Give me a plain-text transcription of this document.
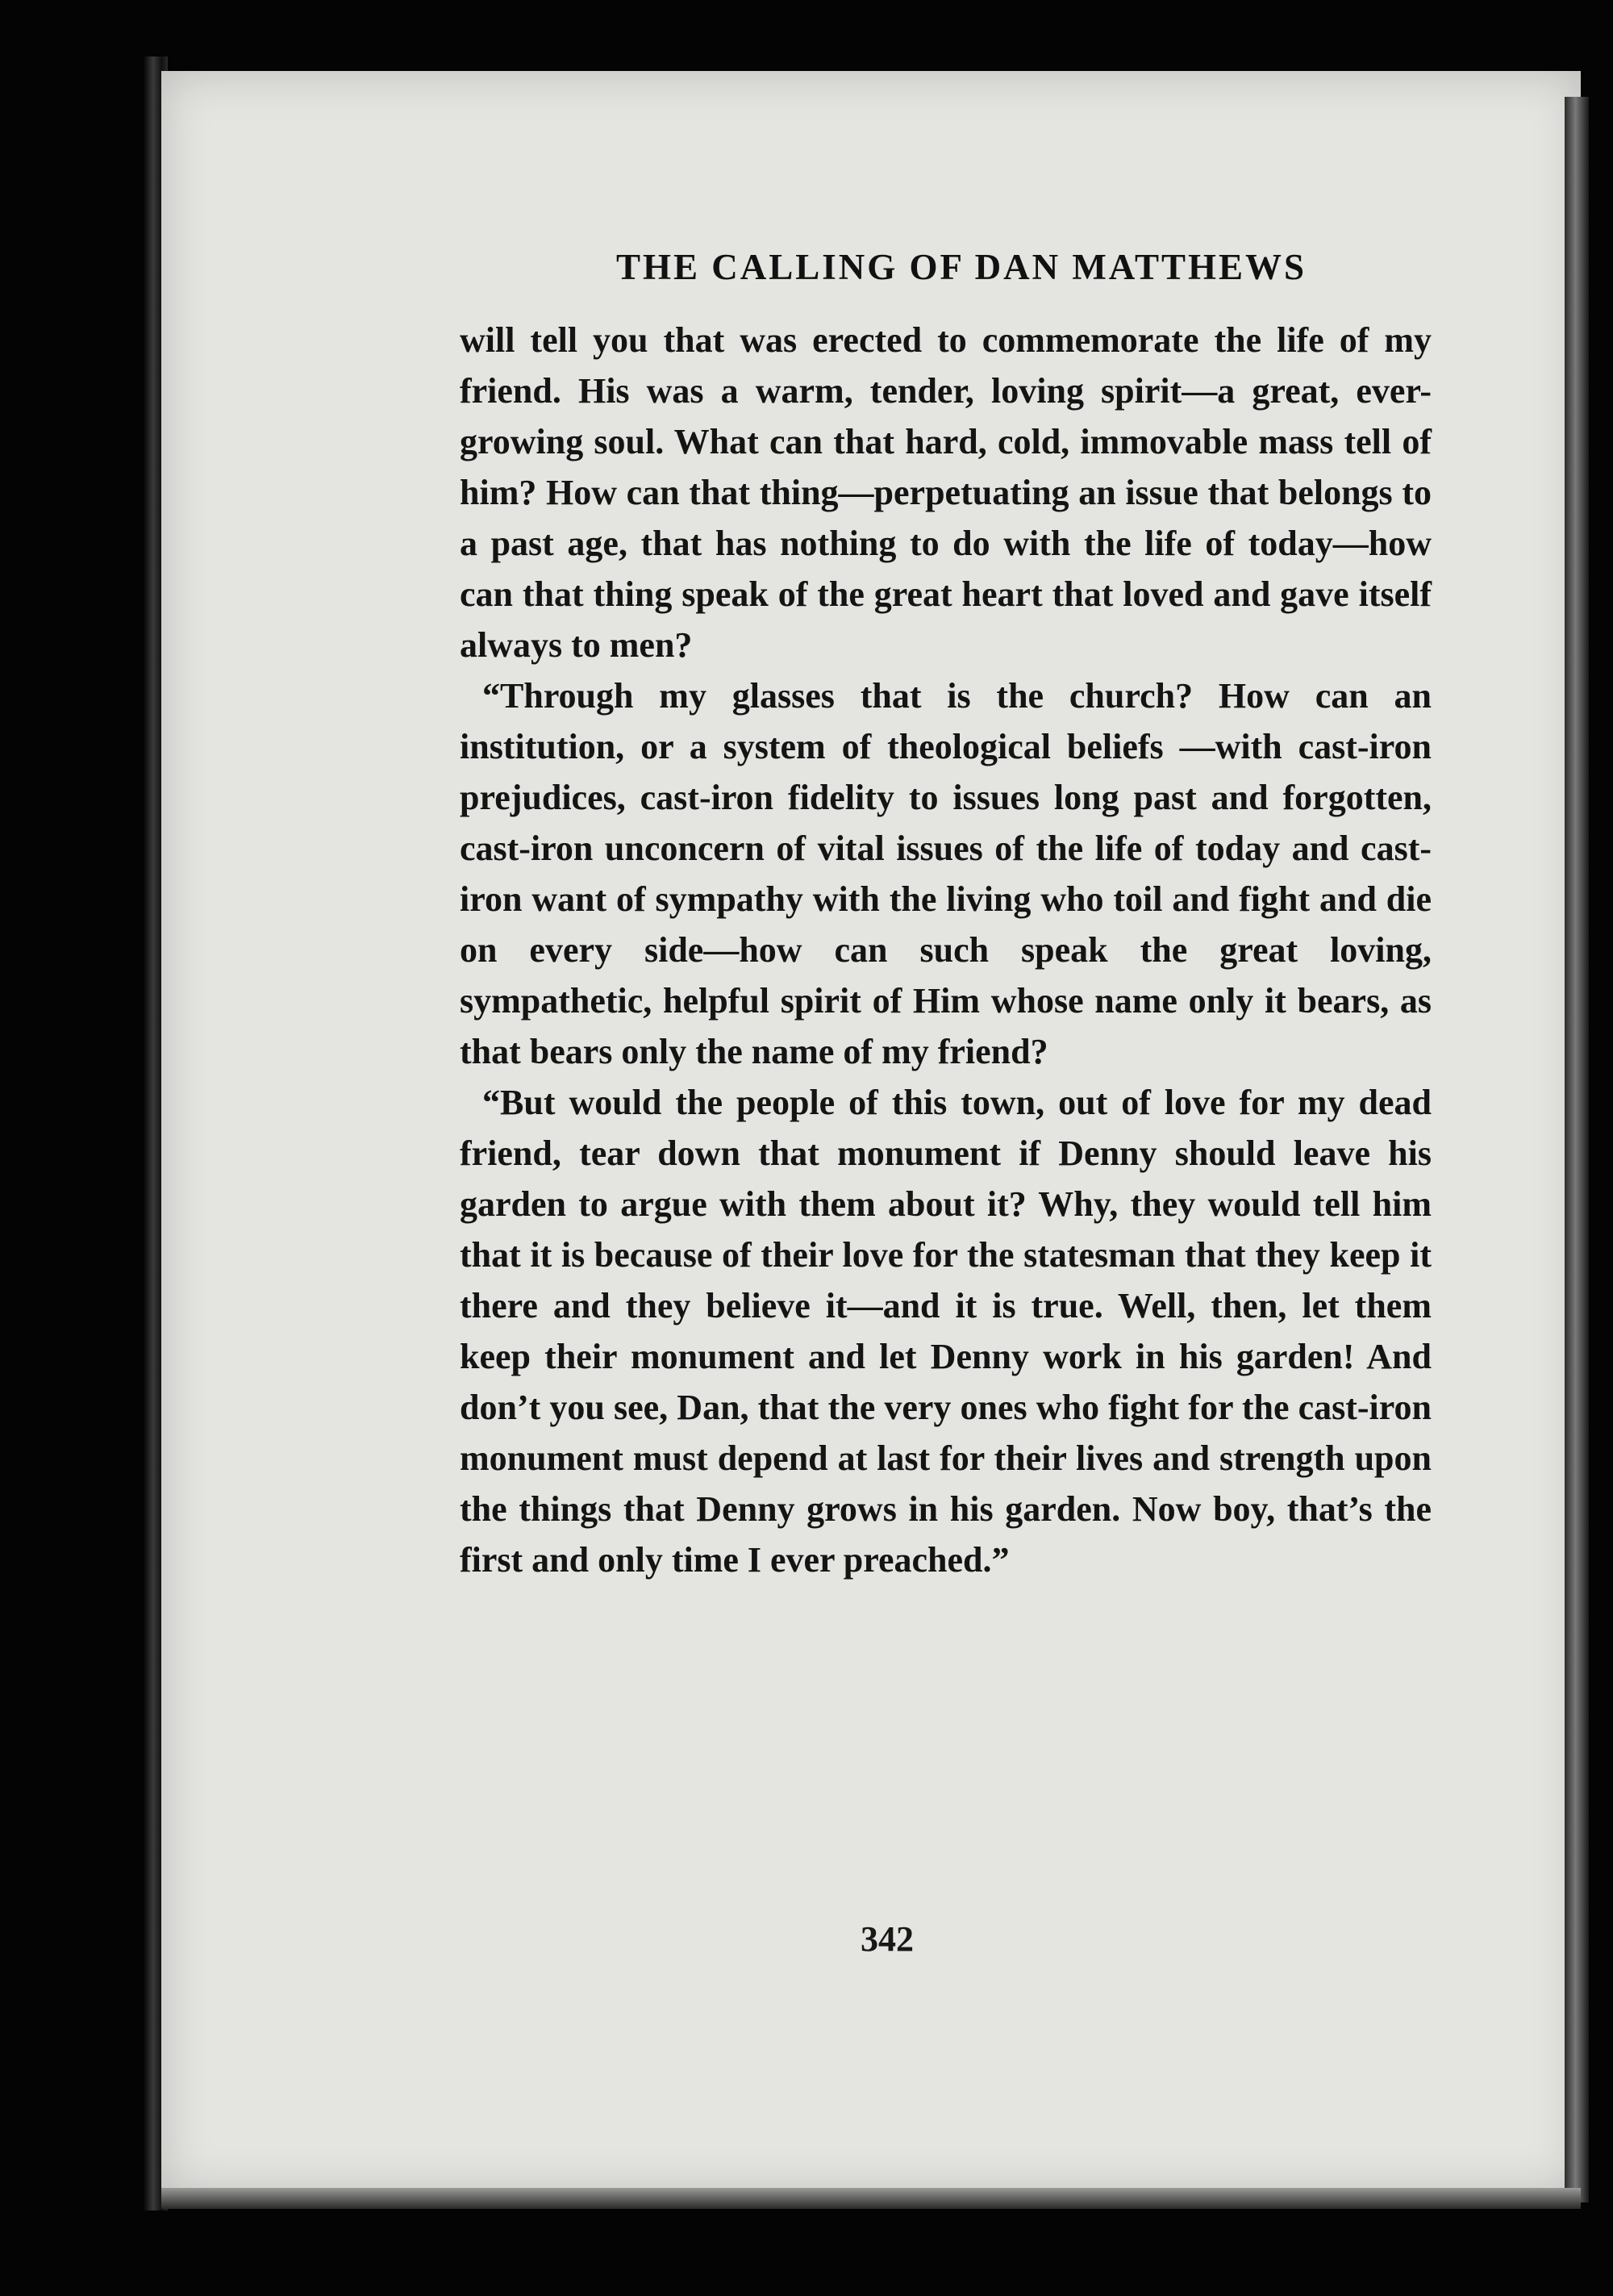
THE CALLING OF DAN MATTHEWS

will tell you that was erected to commemorate the life of my friend. His was a warm, tender, loving spirit—a great, ever-growing soul. What can that hard, cold, immovable mass tell of him? How can that thing—perpetuating an issue that belongs to a past age, that has nothing to do with the life of today—how can that thing speak of the great heart that loved and gave itself always to men?

“Through my glasses that is the church? How can an institution, or a system of theological beliefs —with cast-iron prejudices, cast-iron fidelity to issues long past and forgotten, cast-iron unconcern of vital issues of the life of today and cast-iron want of sympathy with the living who toil and fight and die on every side—how can such speak the great loving, sympathetic, helpful spirit of Him whose name only it bears, as that bears only the name of my friend?

“But would the people of this town, out of love for my dead friend, tear down that monument if Denny should leave his garden to argue with them about it? Why, they would tell him that it is because of their love for the statesman that they keep it there and they believe it—and it is true. Well, then, let them keep their monument and let Denny work in his garden! And don’t you see, Dan, that the very ones who fight for the cast-iron monument must depend at last for their lives and strength upon the things that Denny grows in his garden. Now boy, that’s the first and only time I ever preached.”

342
